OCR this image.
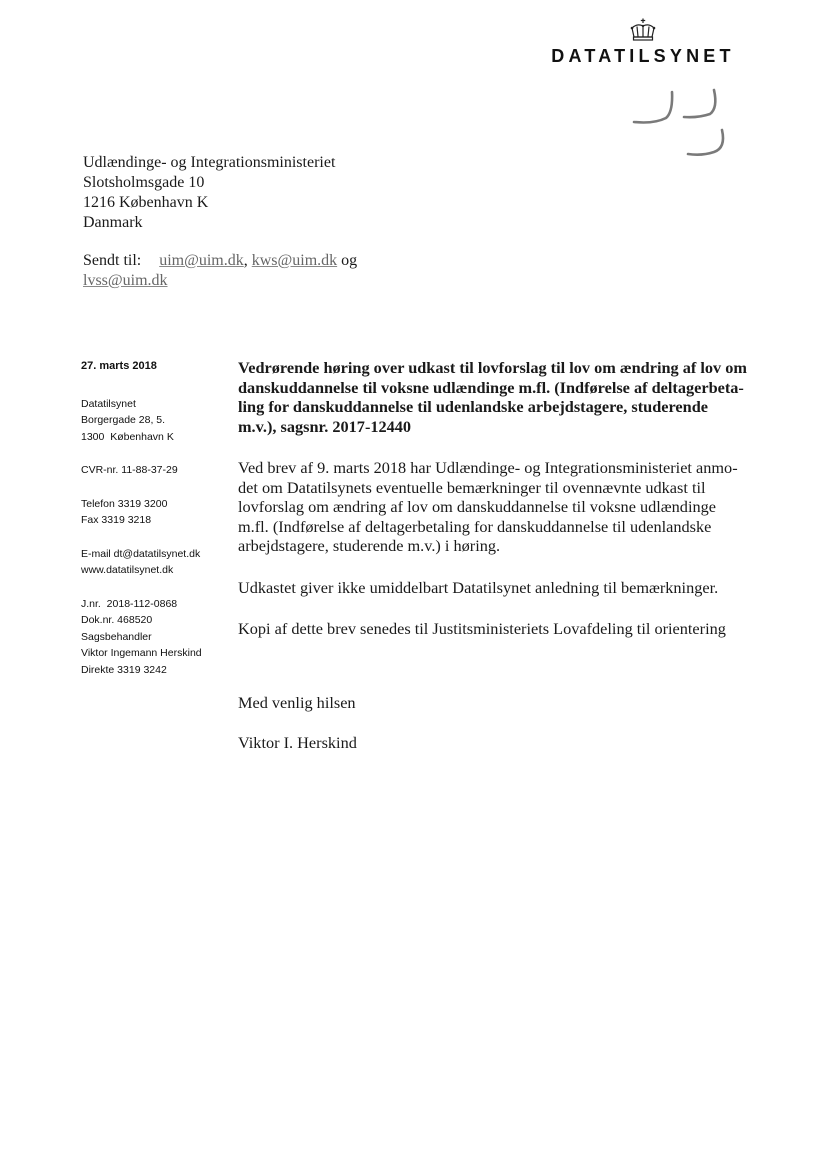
DATATILSYNET
Udlændinge- og Integrationsministeriet
Slotsholmsgade 10
1216 København K
Danmark
Sendt til: uim@uim.dk, kws@uim.dk og
lvss@uim.dk
27. marts 2018
Datatilsynet
Borgergade 28, 5.
1300  København K
CVR-nr. 11-88-37-29
Telefon 3319 3200
Fax 3319 3218
E-mail dt@datatilsynet.dk
www.datatilsynet.dk
J.nr.  2018-112-0868
Dok.nr. 468520
Sagsbehandler
Viktor Ingemann Herskind
Direkte 3319 3242
Vedrørende høring over udkast til lovforslag til lov om ændring af lov om
danskuddannelse til voksne udlændinge m.fl. (Indførelse af deltagerbeta-
ling for danskuddannelse til udenlandske arbejdstagere, studerende
m.v.), sagsnr. 2017-12440
Ved brev af 9. marts 2018 har Udlændinge- og Integrationsministeriet anmo-
det om Datatilsynets eventuelle bemærkninger til ovennævnte udkast til
lovforslag om ændring af lov om danskuddannelse til voksne udlændinge
m.fl. (Indførelse af deltagerbetaling for danskuddannelse til udenlandske
arbejdstagere, studerende m.v.) i høring.
Udkastet giver ikke umiddelbart Datatilsynet anledning til bemærkninger.
Kopi af dette brev senedes til Justitsministeriets Lovafdeling til orientering
Med venlig hilsen
Viktor I. Herskind
